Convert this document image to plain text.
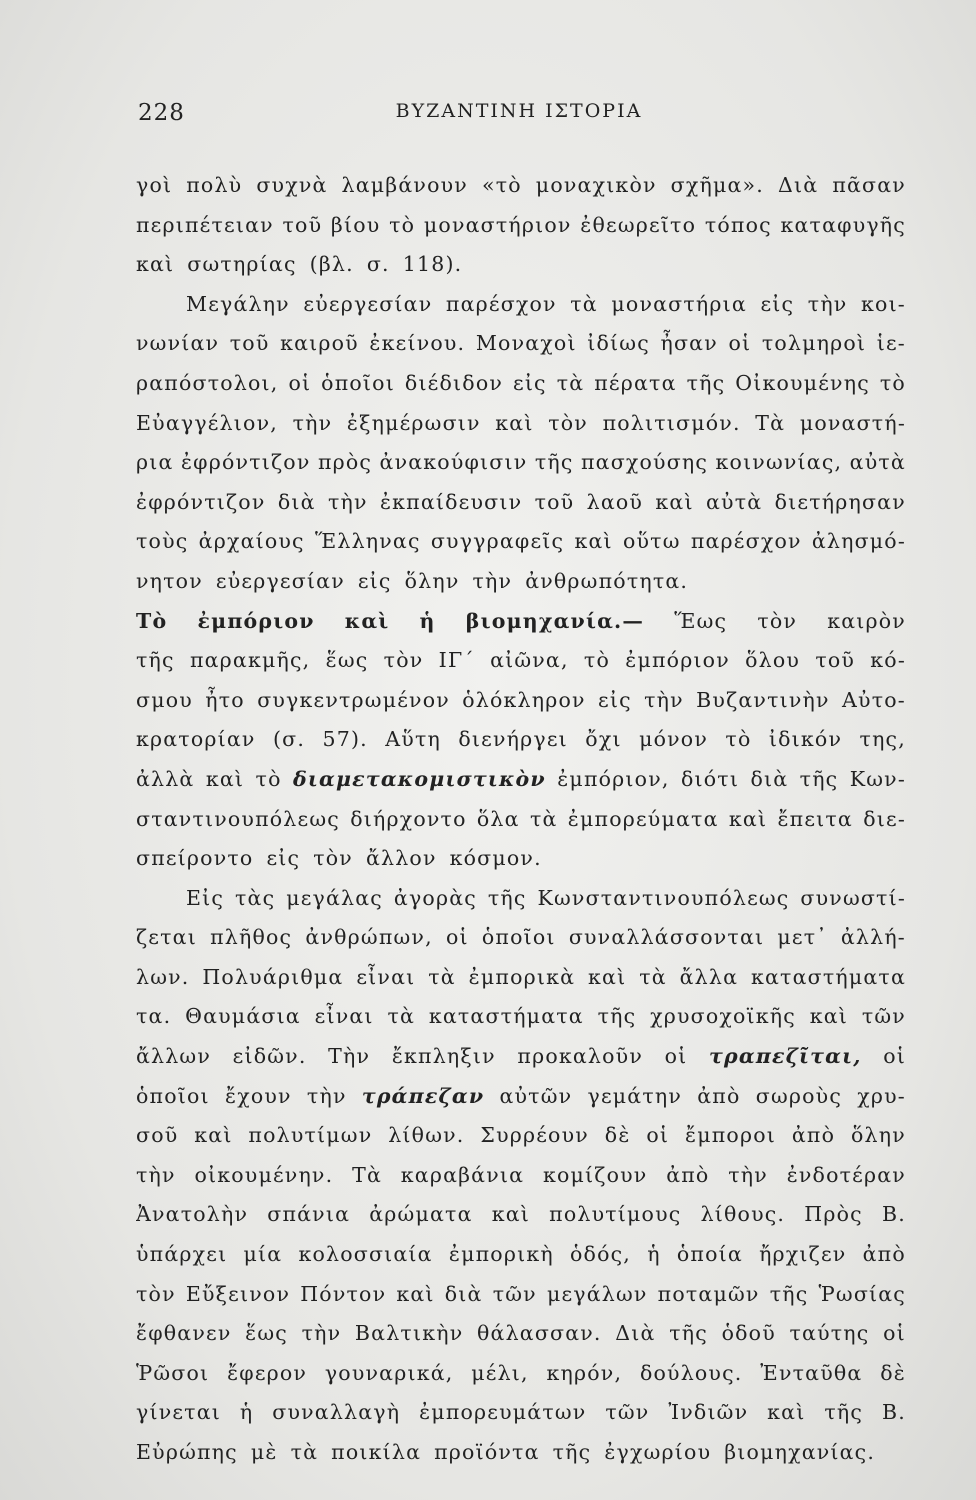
228	ΒΥΖΑΝΤΙΝΗ ΙΣΤΟΡΙΑ
γοὶ πολὺ συχνὰ λαμβάνουν «τὸ μοναχικὸν σχῆμα». Διὰ πᾶσαν
περιπέτειαν τοῦ βίου τὸ μοναστήριον ἐθεωρεῖτο τόπος καταφυγῆς
καὶ σωτηρίας (βλ. σ. 118).
Μεγάλην εὐεργεσίαν παρέσχον τὰ μοναστήρια εἰς τὴν κοι-
νωνίαν τοῦ καιροῦ ἐκείνου. Μοναχοὶ ἰδίως ἦσαν οἱ τολμηροὶ ἱε-
ραπόστολοι, οἱ ὁποῖοι διέδιδον εἰς τὰ πέρατα τῆς Οἰκουμένης τὸ
Εὐαγγέλιον, τὴν ἐξημέρωσιν καὶ τὸν πολιτισμόν. Τὰ μοναστή-
ρια ἐφρόντιζον πρὸς ἀνακούφισιν τῆς πασχούσης κοινωνίας, αὐτὰ
ἐφρόντιζον διὰ τὴν ἐκπαίδευσιν τοῦ λαοῦ καὶ αὐτὰ διετήρησαν
τοὺς ἀρχαίους Ἕλληνας συγγραφεῖς καὶ οὕτω παρέσχον ἀλησμό-
νητον εὐεργεσίαν εἰς ὅλην τὴν ἀνθρωπότητα.
Τὸ ἐμπόριον καὶ ἡ βιομηχανία.— Ἕως τὸν καιρὸν
τῆς παρακμῆς, ἕως τὸν ΙΓ΄ αἰῶνα, τὸ ἐμπόριον ὅλου τοῦ κό-
σμου ἦτο συγκεντρωμένον ὁλόκληρον εἰς τὴν Βυζαντινὴν Αὐτο-
κρατορίαν (σ. 57). Αὕτη διενήργει ὄχι μόνον τὸ ἰδικόν της,
ἀλλὰ καὶ τὸ διαμετακομιστικὸν ἐμπόριον, διότι διὰ τῆς Κων-
σταντινουπόλεως διήρχοντο ὅλα τὰ ἐμπορεύματα καὶ ἔπειτα διε-
σπείροντο εἰς τὸν ἄλλον κόσμον.
Εἰς τὰς μεγάλας ἀγορὰς τῆς Κωνσταντινουπόλεως συνωστί-
ζεται πλῆθος ἀνθρώπων, οἱ ὁποῖοι συναλλάσσονται μετ᾽ ἀλλή-
λων. Πολυάριθμα εἶναι τὰ ἐμπορικὰ καὶ τὰ ἄλλα καταστήματα
τα. Θαυμάσια εἶναι τὰ καταστήματα τῆς χρυσοχοϊκῆς καὶ τῶν
ἄλλων εἰδῶν. Τὴν ἔκπληξιν προκαλοῦν οἱ τραπεζῖται, οἱ
ὁποῖοι ἔχουν τὴν τράπεζαν αὐτῶν γεμάτην ἀπὸ σωροὺς χρυ-
σοῦ καὶ πολυτίμων λίθων. Συρρέουν δὲ οἱ ἔμποροι ἀπὸ ὅλην
τὴν οἰκουμένην. Τὰ καραβάνια κομίζουν ἀπὸ τὴν ἐνδοτέραν
Ἀνατολὴν σπάνια ἀρώματα καὶ πολυτίμους λίθους. Πρὸς Β.
ὑπάρχει μία κολοσσιαία ἐμπορικὴ ὁδός, ἡ ὁποία ἤρχιζεν ἀπὸ
τὸν Εὔξεινον Πόντον καὶ διὰ τῶν μεγάλων ποταμῶν τῆς Ῥωσίας
ἔφθανεν ἕως τὴν Βαλτικὴν θάλασσαν. Διὰ τῆς ὁδοῦ ταύτης οἱ
Ῥῶσοι ἔφερον γουναρικά, μέλι, κηρόν, δούλους. Ἐνταῦθα δὲ
γίνεται ἡ συναλλαγὴ ἐμπορευμάτων τῶν Ἰνδιῶν καὶ τῆς Β.
Εὐρώπης μὲ τὰ ποικίλα προϊόντα τῆς ἐγχωρίου βιομηχανίας.
